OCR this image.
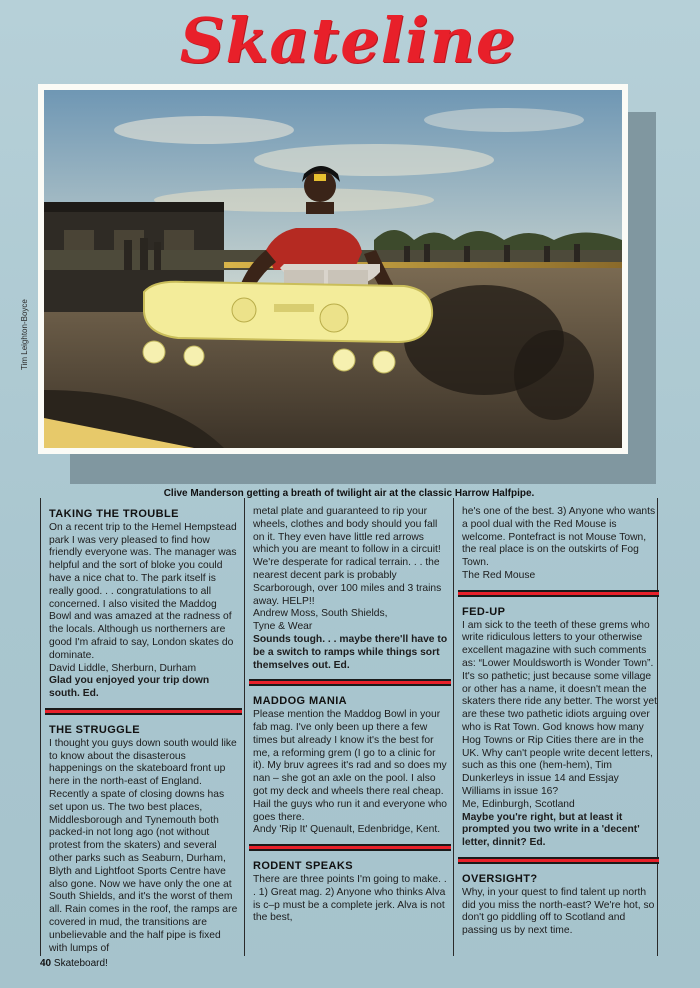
Skateline
Tim Leighton-Boyce
Clive Manderson getting a breath of twilight air at the classic Harrow Halfpipe.
TAKING THE TROUBLE

On a recent trip to the Hemel Hempstead park I was very pleased to find how friendly everyone was. The manager was helpful and the sort of bloke you could have a nice chat to. The park itself is really good. . . congratulations to all concerned. I also visited the Maddog Bowl and was amazed at the radness of the locals. Although us northerners are good I'm afraid to say, London skates do dominate.

David Liddle, Sherburn, Durham

Glad you enjoyed your trip down south. Ed.

THE STRUGGLE

I thought you guys down south would like to know about the disasterous happenings on the skateboard front up here in the north-east of England. Recently a spate of closing downs has set upon us. The two best places, Middlesborough and Tynemouth both packed-in not long ago (not without protest from the skaters) and several other parks such as Seaburn, Durham, Blyth and Lightfoot Sports Centre have also gone. Now we have only the one at South Shields, and it's the worst of them all. Rain comes in the roof, the ramps are covered in mud, the transitions are unbelievable and the half pipe is fixed with lumps of

metal plate and guaranteed to rip your wheels, clothes and body should you fall on it. They even have little red arrows which you are meant to follow in a circuit! We're desperate for radical terrain. . . the nearest decent park is probably Scarborough, over 100 miles and 3 trains away. HELP!!

Andrew Moss, South Shields,

Tyne & Wear

Sounds tough. . . maybe there'll have to be a switch to ramps while things sort themselves out. Ed.

MADDOG MANIA

Please mention the Maddog Bowl in your fab mag. I've only been up there a few times but already I know it's the best for me, a reforming grem (I go to a clinic for it). My bruv agrees it's rad and so does my nan – she got an axle on the pool. I also got my deck and wheels there real cheap. Hail the guys who run it and everyone who goes there.

Andy 'Rip It' Quenault, Edenbridge, Kent.

RODENT SPEAKS

There are three points I'm going to make. . . 1) Great mag. 2) Anyone who thinks Alva is c–p must be a complete jerk. Alva is not the best,

he's one of the best. 3) Anyone who wants a pool dual with the Red Mouse is welcome. Pontefract is not Mouse Town, the real place is on the outskirts of Fog Town.

The Red Mouse

FED-UP

I am sick to the teeth of these grems who write ridiculous letters to your otherwise excellent magazine with such comments as: “Lower Mouldsworth is Wonder Town”. It's so pathetic; just because some village or other has a name, it doesn't mean the skaters there ride any better. The worst yet are these two pathetic idiots arguing over who is Rat Town. God knows how many Hog Towns or Rip Cities there are in the UK. Why can't people write decent letters, such as this one (hem-hem), Tim Dunkerleys in issue 14 and Essjay Williams in issue 16?

Me, Edinburgh, Scotland

Maybe you're right, but at least it prompted you two write in a 'decent' letter, dinnit? Ed.

OVERSIGHT?

Why, in your quest to find talent up north did you miss the north-east? We're hot, so don't go piddling off to Scotland and passing us by next time.

40 Skateboard!
